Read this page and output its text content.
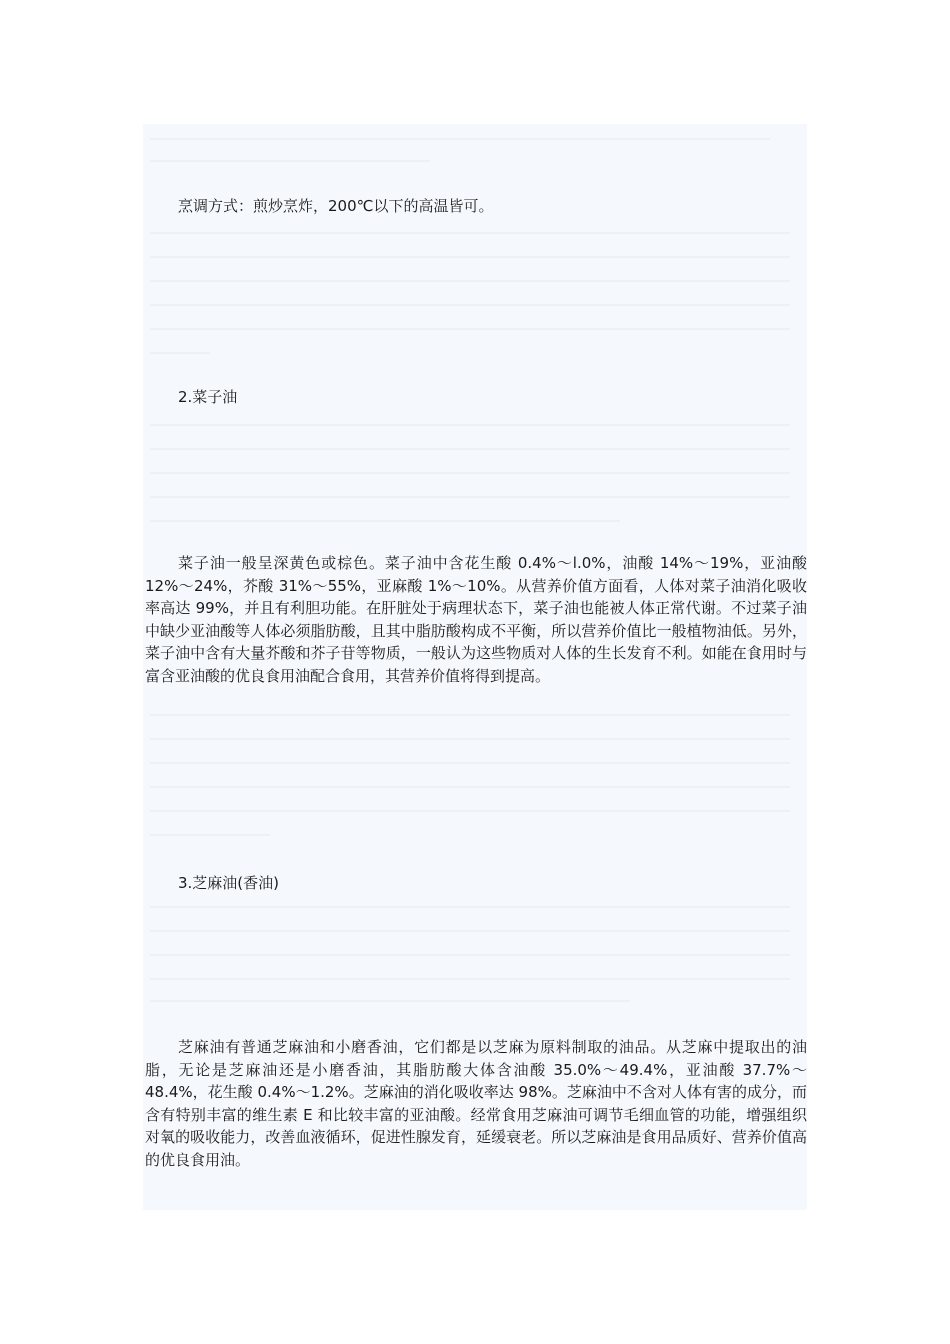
烹调方式：煎炒烹炸，200℃以下的高温皆可。

2.菜子油

菜子油一般呈深黄色或棕色。菜子油中含花生酸 0.4%～l.0%，油酸 14%～19%，亚油酸 12%～24%，芥酸 31%～55%，亚麻酸 1%～10%。从营养价值方面看，人体对菜子油消化吸收率高达 99%，并且有利胆功能。在肝脏处于病理状态下，菜子油也能被人体正常代谢。不过菜子油中缺少亚油酸等人体必须脂肪酸，且其中脂肪酸构成不平衡，所以营养价值比一般植物油低。另外，菜子油中含有大量芥酸和芥子苷等物质，一般认为这些物质对人体的生长发育不利。如能在食用时与富含亚油酸的优良食用油配合食用，其营养价值将得到提高。

3.芝麻油(香油)

芝麻油有普通芝麻油和小磨香油，它们都是以芝麻为原料制取的油品。从芝麻中提取出的油脂，无论是芝麻油还是小磨香油，其脂肪酸大体含油酸 35.0%～49.4%，亚油酸 37.7%～48.4%，花生酸 0.4%～1.2%。芝麻油的消化吸收率达 98%。芝麻油中不含对人体有害的成分，而含有特别丰富的维生素 E 和比较丰富的亚油酸。经常食用芝麻油可调节毛细血管的功能，增强组织对氧的吸收能力，改善血液循环，促进性腺发育，延缓衰老。所以芝麻油是食用品质好、营养价值高的优良食用油。
